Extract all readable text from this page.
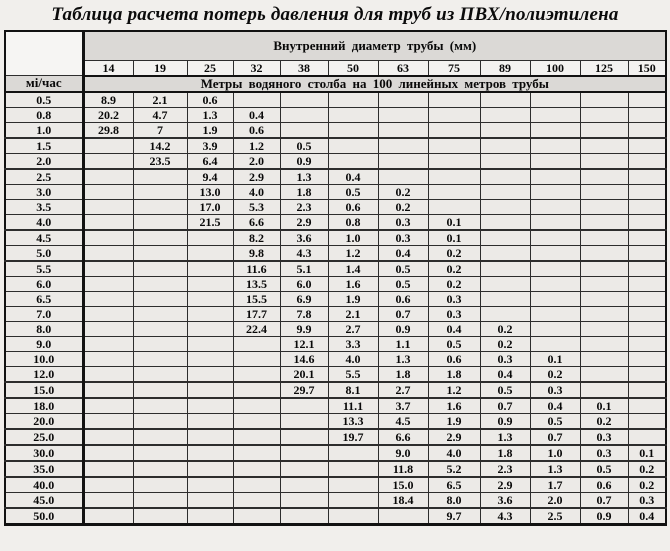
Таблица расчета потерь давления для труб из ПВХ/полиэтилена
	Внутренний диаметр трубы (мм)											
	14	19	25	32	38	50	63	75	89	100	125	150
мі/час	Метры водяного столба на 100 линейных метров трубы											
0.5	8.9	2.1	0.6									
0.8	20.2	4.7	1.3	0.4								
1.0	29.8	7	1.9	0.6								
1.5		14.2	3.9	1.2	0.5							
2.0		23.5	6.4	2.0	0.9							
2.5			9.4	2.9	1.3	0.4						
3.0			13.0	4.0	1.8	0.5	0.2					
3.5			17.0	5.3	2.3	0.6	0.2					
4.0			21.5	6.6	2.9	0.8	0.3	0.1				
4.5				8.2	3.6	1.0	0.3	0.1				
5.0				9.8	4.3	1.2	0.4	0.2				
5.5				11.6	5.1	1.4	0.5	0.2				
6.0				13.5	6.0	1.6	0.5	0.2				
6.5				15.5	6.9	1.9	0.6	0.3				
7.0				17.7	7.8	2.1	0.7	0.3				
8.0				22.4	9.9	2.7	0.9	0.4	0.2			
9.0					12.1	3.3	1.1	0.5	0.2			
10.0					14.6	4.0	1.3	0.6	0.3	0.1		
12.0					20.1	5.5	1.8	1.8	0.4	0.2		
15.0					29.7	8.1	2.7	1.2	0.5	0.3		
18.0						11.1	3.7	1.6	0.7	0.4	0.1	
20.0						13.3	4.5	1.9	0.9	0.5	0.2	
25.0						19.7	6.6	2.9	1.3	0.7	0.3	
30.0							9.0	4.0	1.8	1.0	0.3	0.1
35.0							11.8	5.2	2.3	1.3	0.5	0.2
40.0							15.0	6.5	2.9	1.7	0.6	0.2
45.0							18.4	8.0	3.6	2.0	0.7	0.3
50.0								9.7	4.3	2.5	0.9	0.4
